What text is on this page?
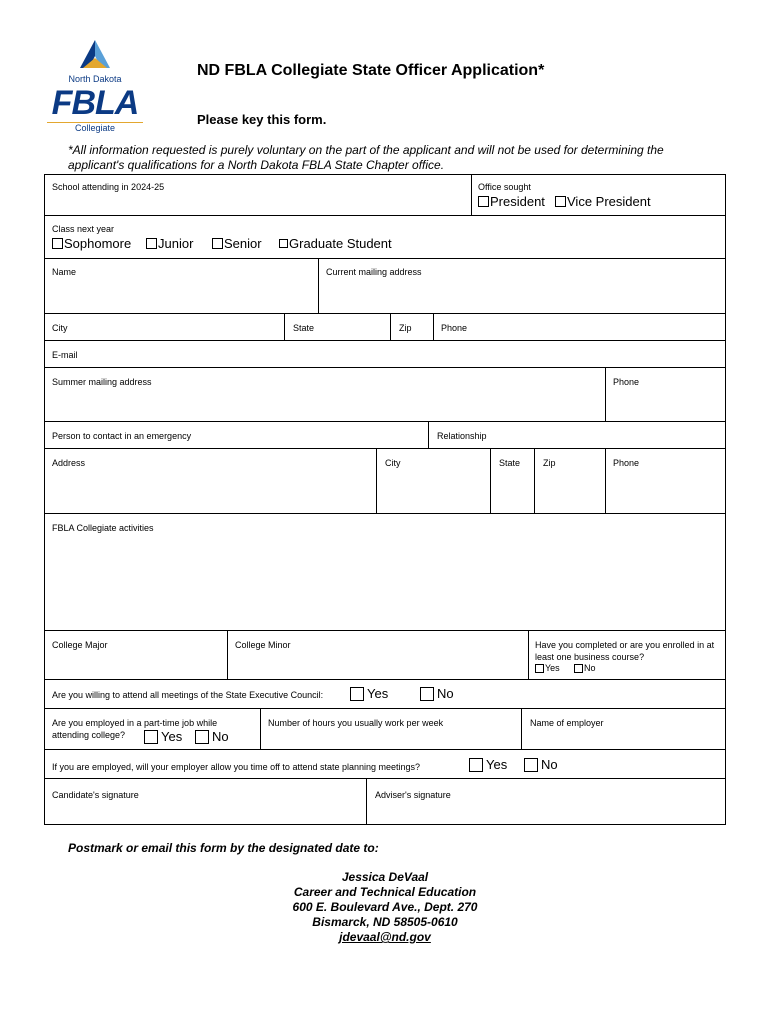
North Dakota
FBLA
Collegiate
ND FBLA Collegiate State Officer Application*
Please key this form.
*All information requested is purely voluntary on the part of the applicant and will not be used for determining the applicant's qualifications for a North Dakota FBLA State Chapter office.
School attending in 2024-25	Office sought
President Vice President
Class next year
Sophomore Junior Senior Graduate Student
Name	Current mailing address
City	State	Zip	Phone
E-mail
Summer mailing address	Phone
Person to contact in an emergency	Relationship
Address	City	State	Zip	Phone
FBLA Collegiate activities
College Major	College Minor	Have you completed or are you enrolled in at least one business course?
Yes	No
Are you willing to attend all meetings of the State Executive Council:	Yes	No
Are you employed in a part-time job while attending college?	Yes No
Number of hours you usually work per week	Name of employer
If you are employed, will your employer allow you time off to attend state planning meetings?	Yes	No
Candidate's signature	Adviser's signature
Postmark or email this form by the designated date to:
Jessica DeVaal
Career and Technical Education
600 E. Boulevard Ave., Dept. 270
Bismarck, ND 58505-0610
jdevaal@nd.gov
